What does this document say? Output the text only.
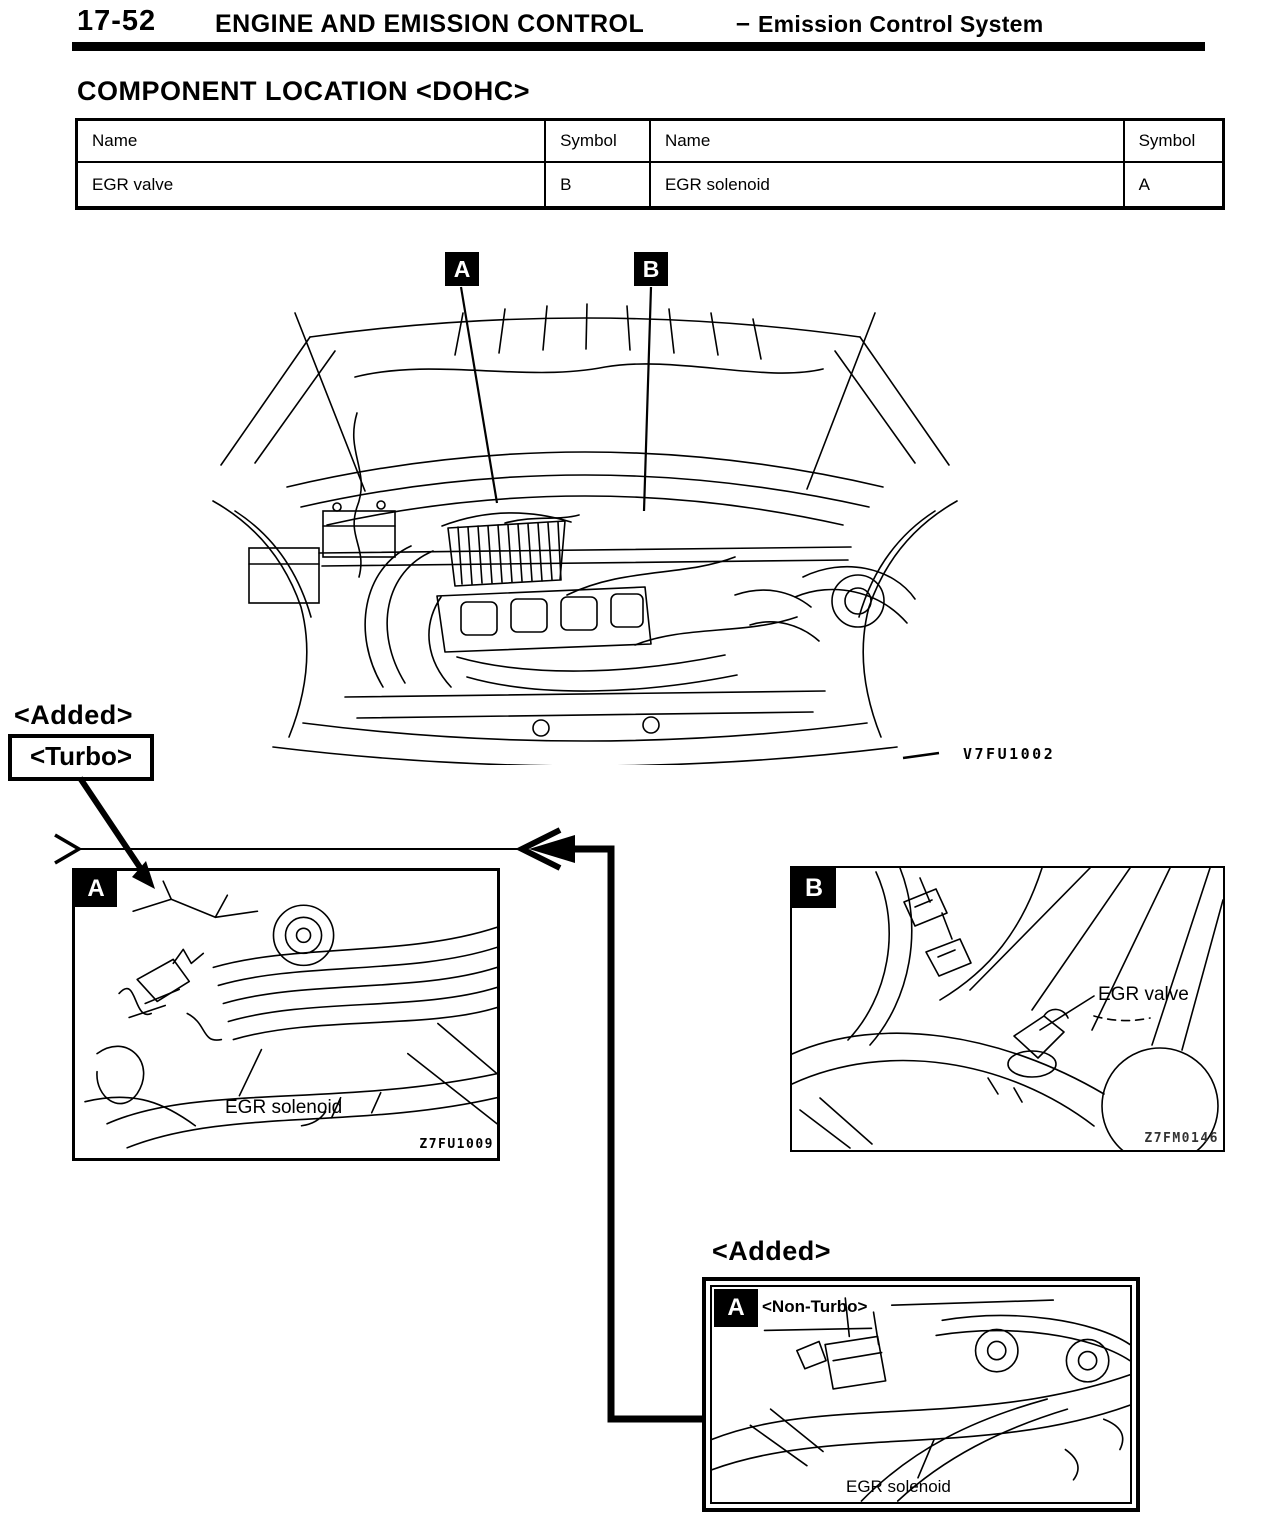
17-52 ENGINE AND EMISSION CONTROL	– Emission Control System
COMPONENT LOCATION <DOHC>
Name	Symbol	Name	Symbol
EGR valve	B	EGR solenoid	A
A	B
V7FU1002
<Added>
<Turbo>
A
EGR solenoid
Z7FU1009
B
EGR valve
Z7FM0146
<Added>
A	<Non-Turbo>
EGR solenoid
